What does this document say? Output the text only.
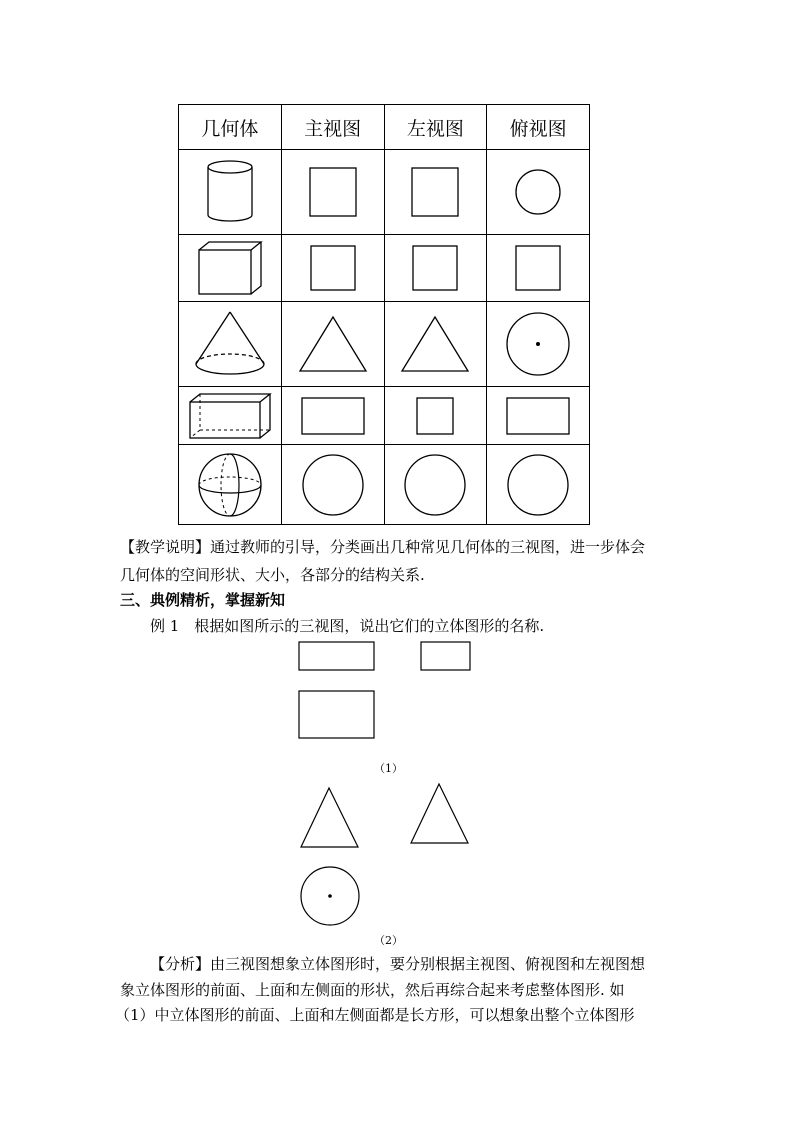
几何体	主视图	左视图	俯视图

【教学说明】通过教师的引导，分类画出几种常见几何体的三视图，进一步体会
几何体的空间形状、大小，各部分的结构关系.
三、典例精析，掌握新知
例 1　根据如图所示的三视图，说出它们的立体图形的名称.
（1）
（2）
【分析】由三视图想象立体图形时，要分别根据主视图、俯视图和左视图想
象立体图形的前面、上面和左侧面的形状，然后再综合起来考虑整体图形. 如
（1）中立体图形的前面、上面和左侧面都是长方形，可以想象出整个立体图形
